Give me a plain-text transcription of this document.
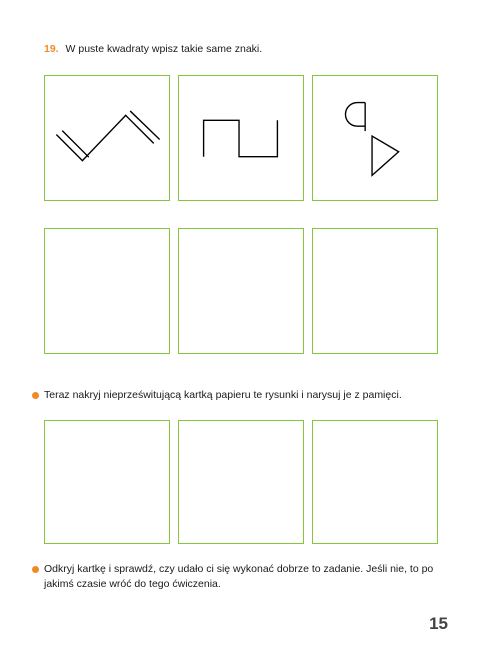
19. W puste kwadraty wpisz takie same znaki.
Teraz nakryj nieprześwitującą kartką papieru te rysunki i narysuj je z pamięci.
Odkryj kartkę i sprawdź, czy udało ci się wykonać dobrze to zadanie. Jeśli nie, to po jakimś czasie wróć do tego ćwiczenia.
15
